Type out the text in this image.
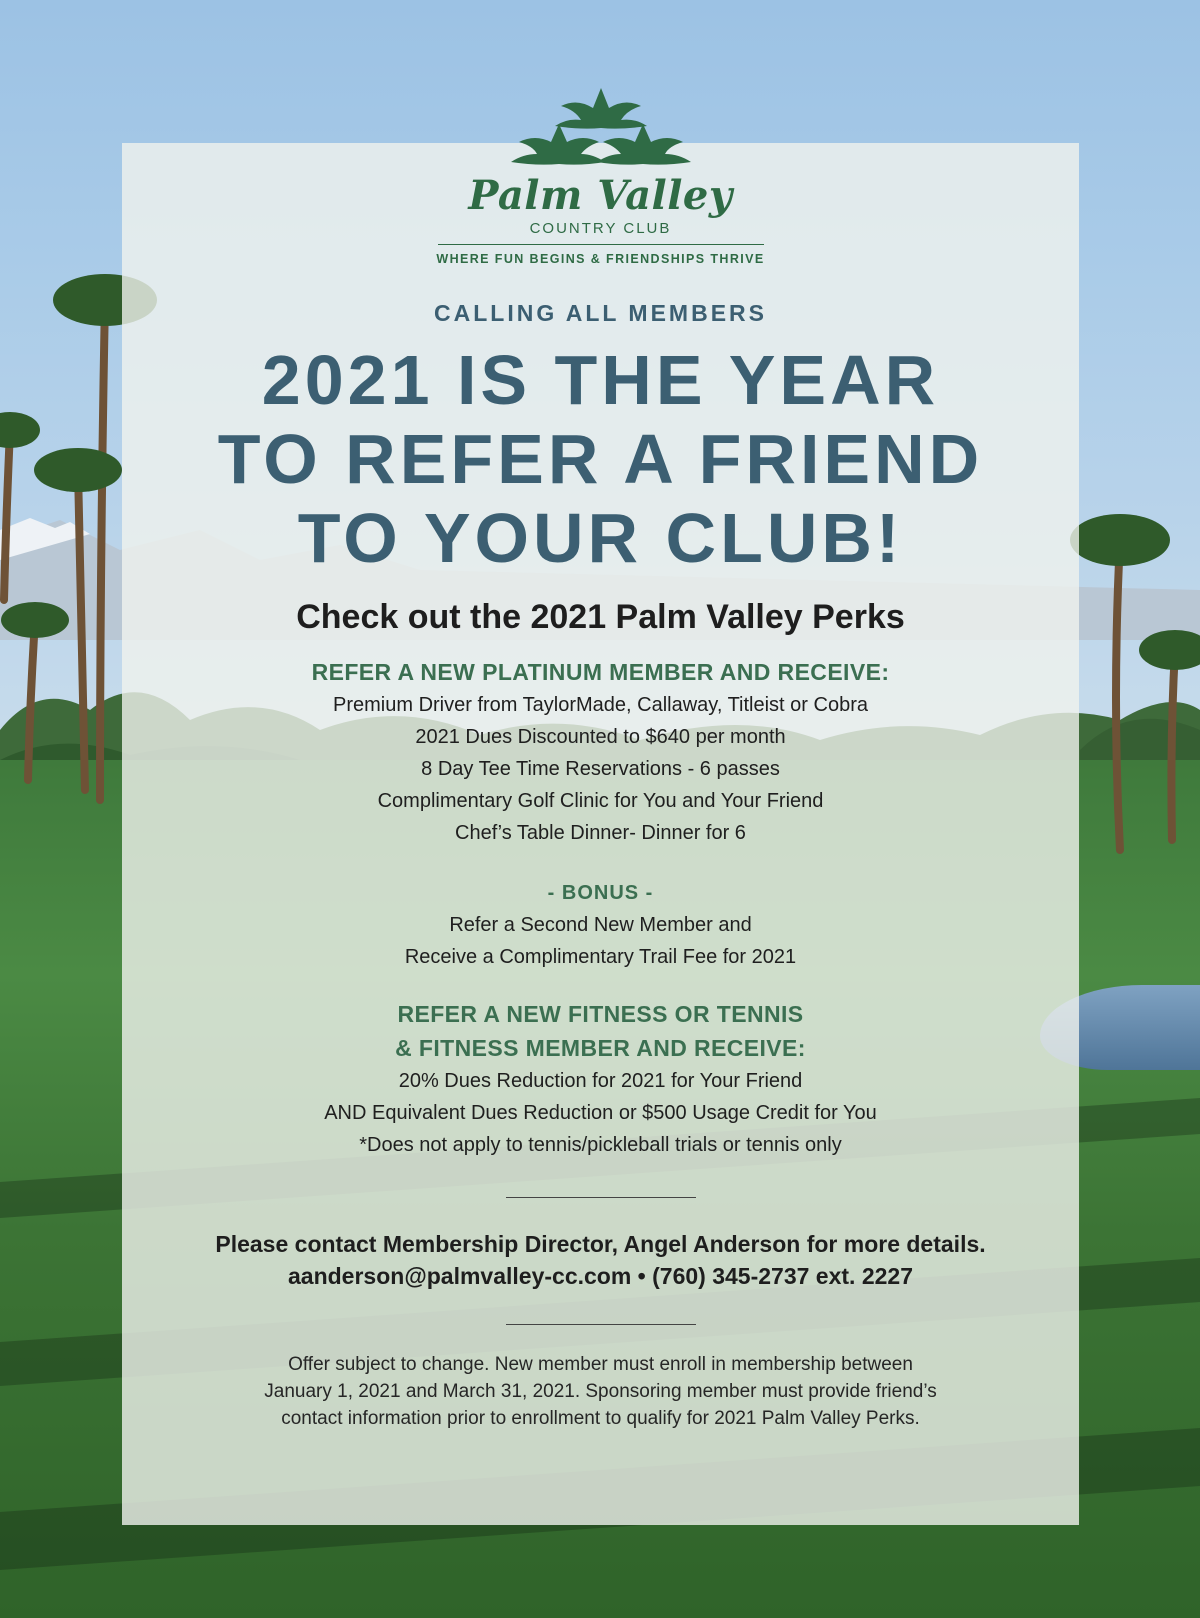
Palm Valley
COUNTRY CLUB
WHERE FUN BEGINS & FRIENDSHIPS THRIVE
CALLING ALL MEMBERS
2021 IS THE YEAR
TO REFER A FRIEND
TO YOUR CLUB!
Check out the 2021 Palm Valley Perks
REFER A NEW PLATINUM MEMBER AND RECEIVE:
Premium Driver from TaylorMade, Callaway, Titleist or Cobra
2021 Dues Discounted to $640 per month
8 Day Tee Time Reservations - 6 passes
Complimentary Golf Clinic for You and Your Friend
Chef’s Table Dinner- Dinner for 6
- BONUS -
Refer a Second New Member and
Receive a Complimentary Trail Fee for 2021
REFER A NEW FITNESS OR TENNIS
& FITNESS MEMBER AND RECEIVE:
20% Dues Reduction for 2021 for Your Friend
AND Equivalent Dues Reduction or $500 Usage Credit for You
*Does not apply to tennis/pickleball trials or tennis only
Please contact Membership Director, Angel Anderson for more details.
aanderson@palmvalley-cc.com • (760) 345-2737 ext. 2227

Offer subject to change. New member must enroll in membership between

January 1, 2021 and March 31, 2021. Sponsoring member must provide friend’s

contact information prior to enrollment to qualify for 2021 Palm Valley Perks.
